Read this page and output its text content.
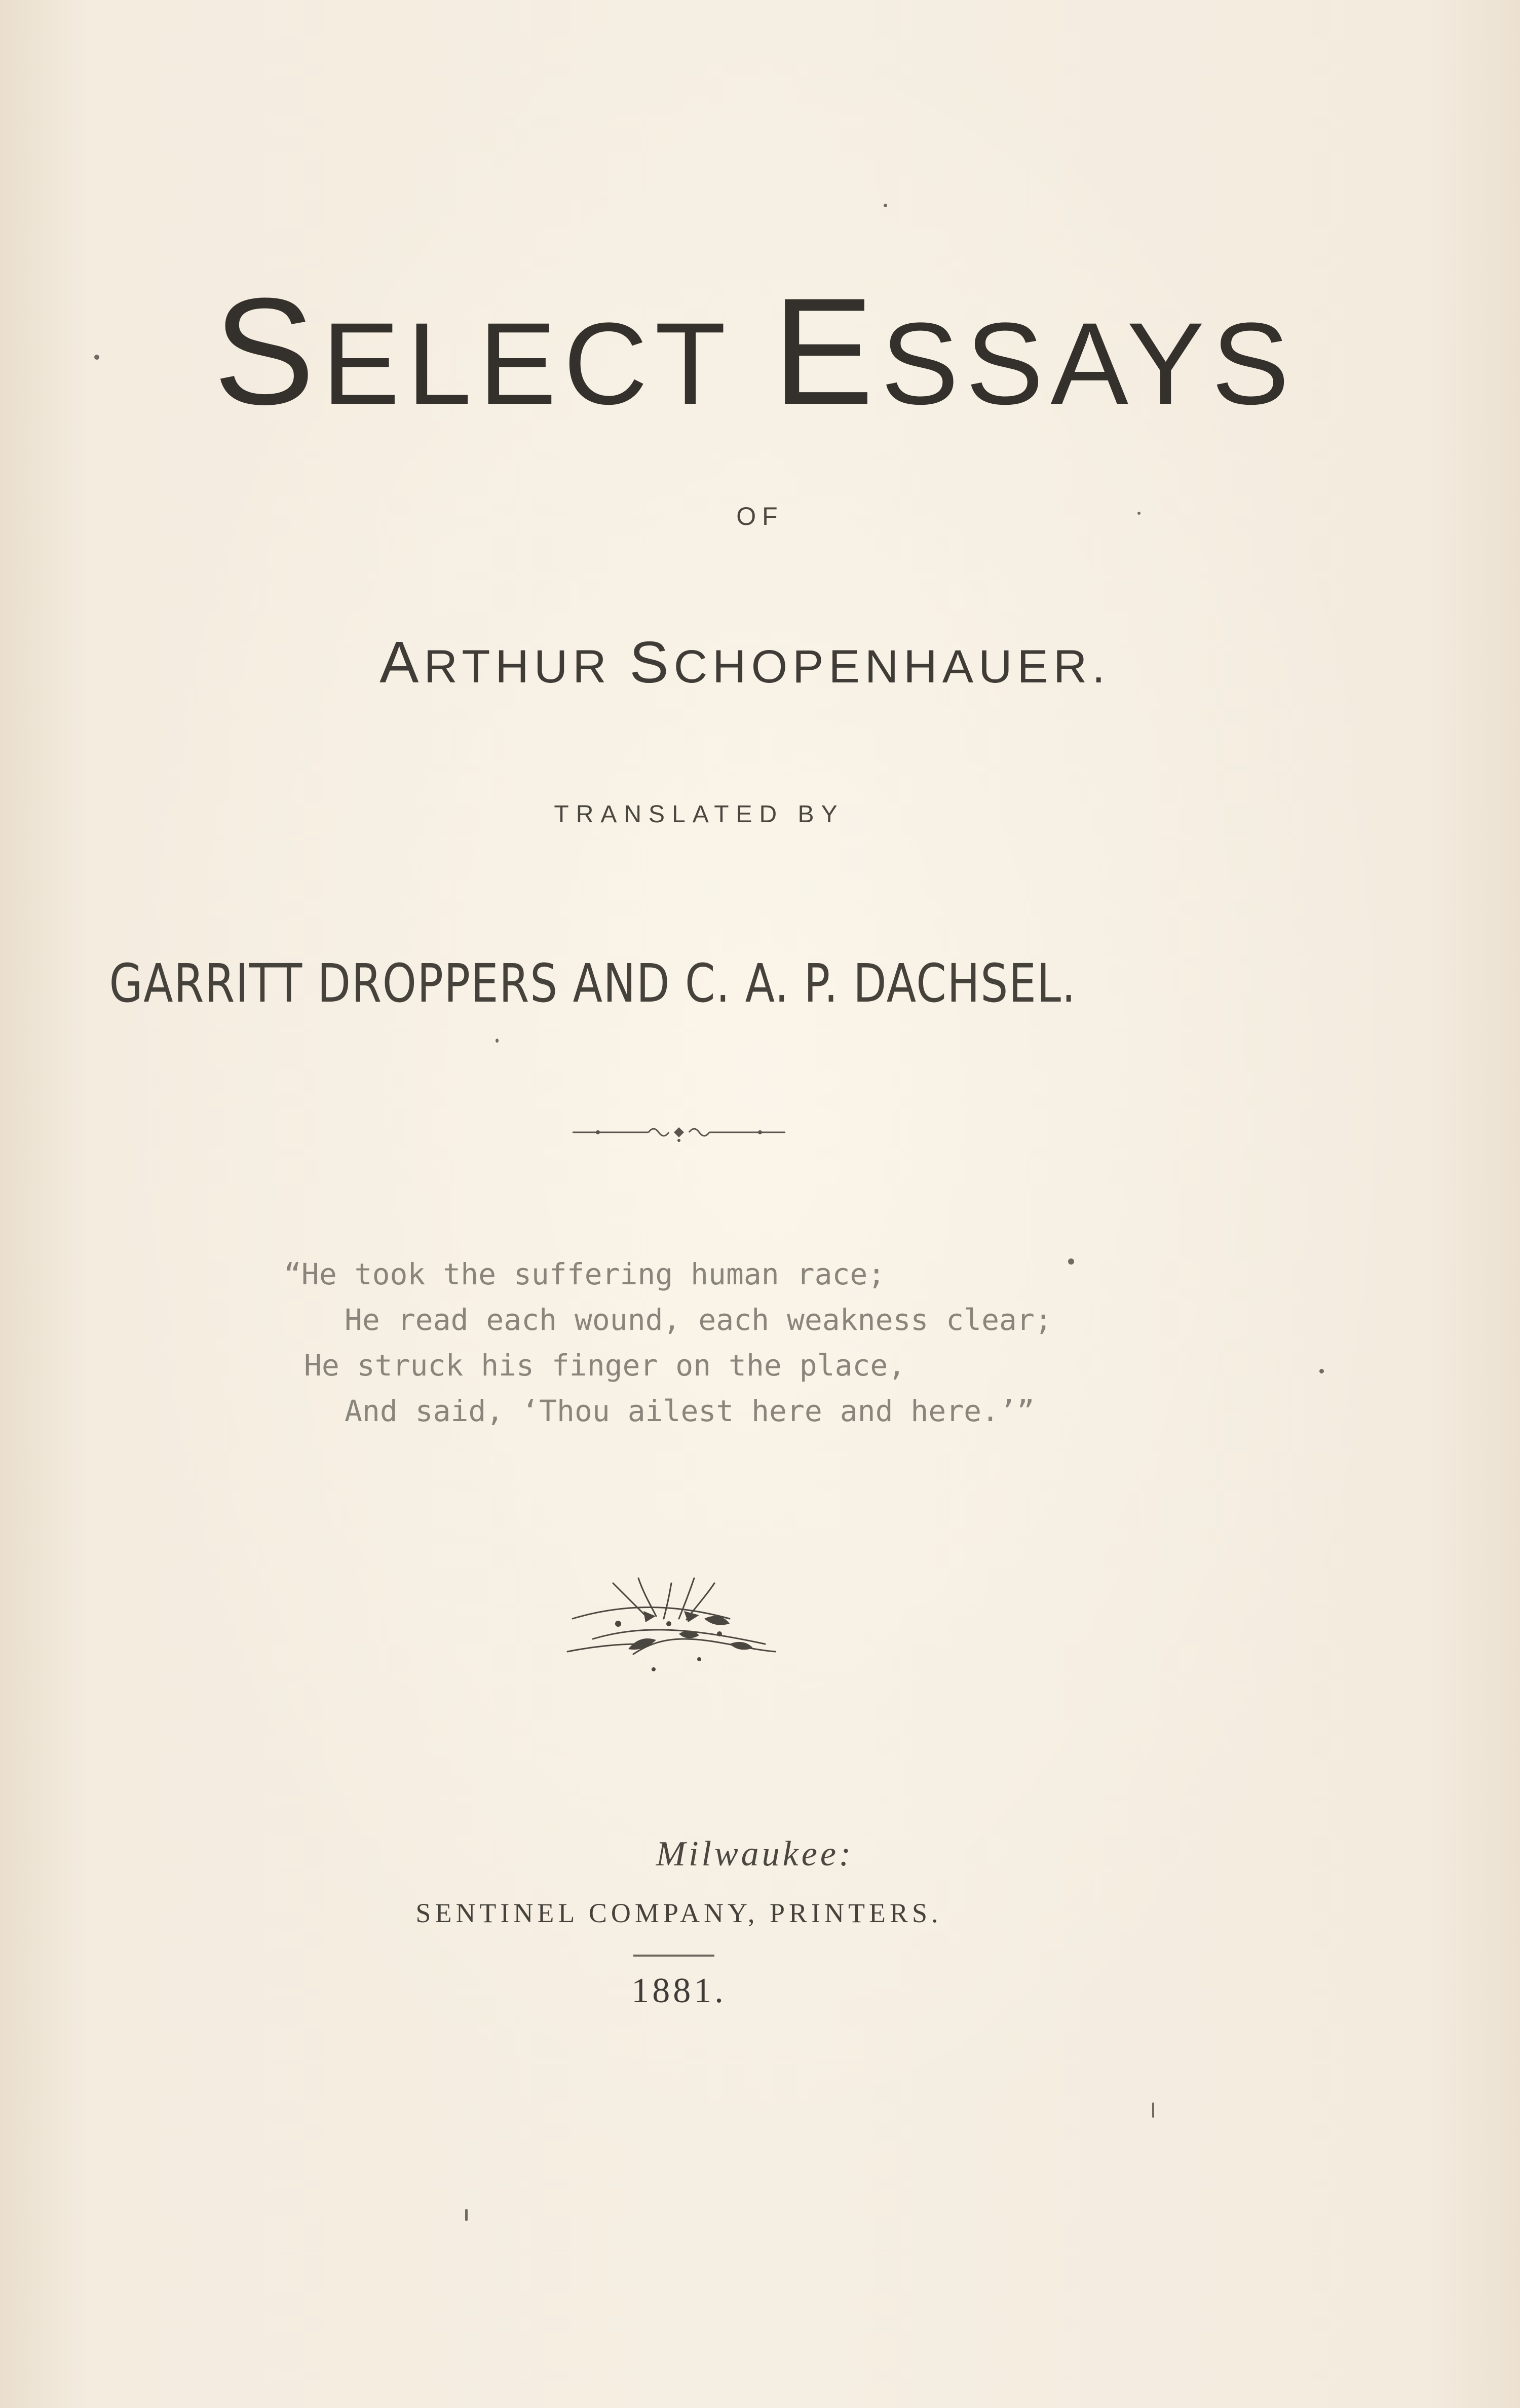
SELECT ESSAYS
OF
ARTHUR SCHOPENHAUER.
TRANSLATED BY
GARRITT DROPPERS AND C. A. P. DACHSEL.
“He took the suffering human race;
He read each wound, each weakness clear;
He struck his finger on the place,
And said, ‘Thou ailest here and here.’”
Milwaukee:
SENTINEL COMPANY, PRINTERS.
1881.
